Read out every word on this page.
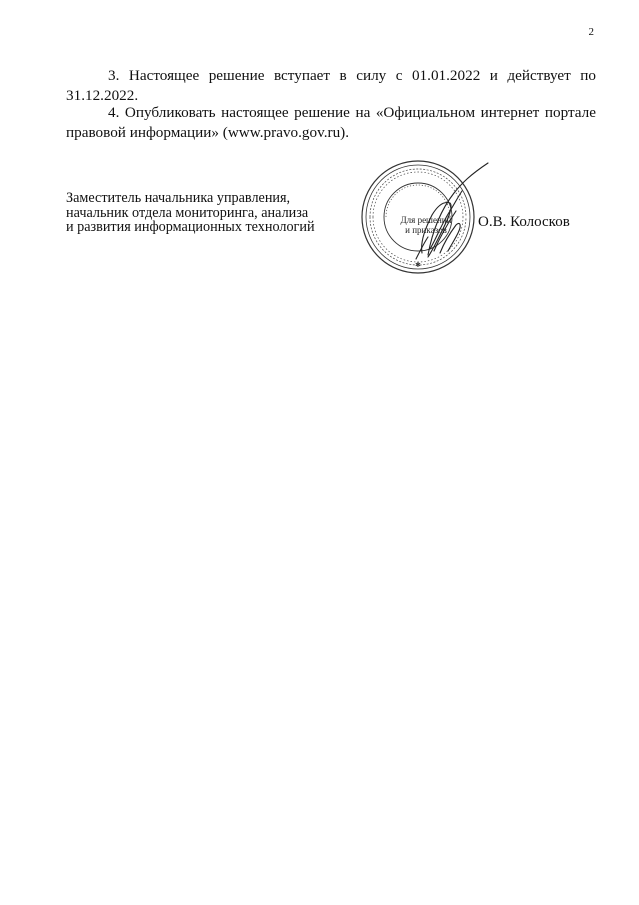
2

3. Настоящее решение вступает в силу с 01.01.2022 и действует по 31.12.2022.

4. Опубликовать настоящее решение на «Официальном интернет портале правовой информации» (www.pravo.gov.ru).

Заместитель начальника управления,
начальник отдела мониторинга, анализа
и развития информационных технологий
✱
Для решений
и приказов	О.В. Колосков
